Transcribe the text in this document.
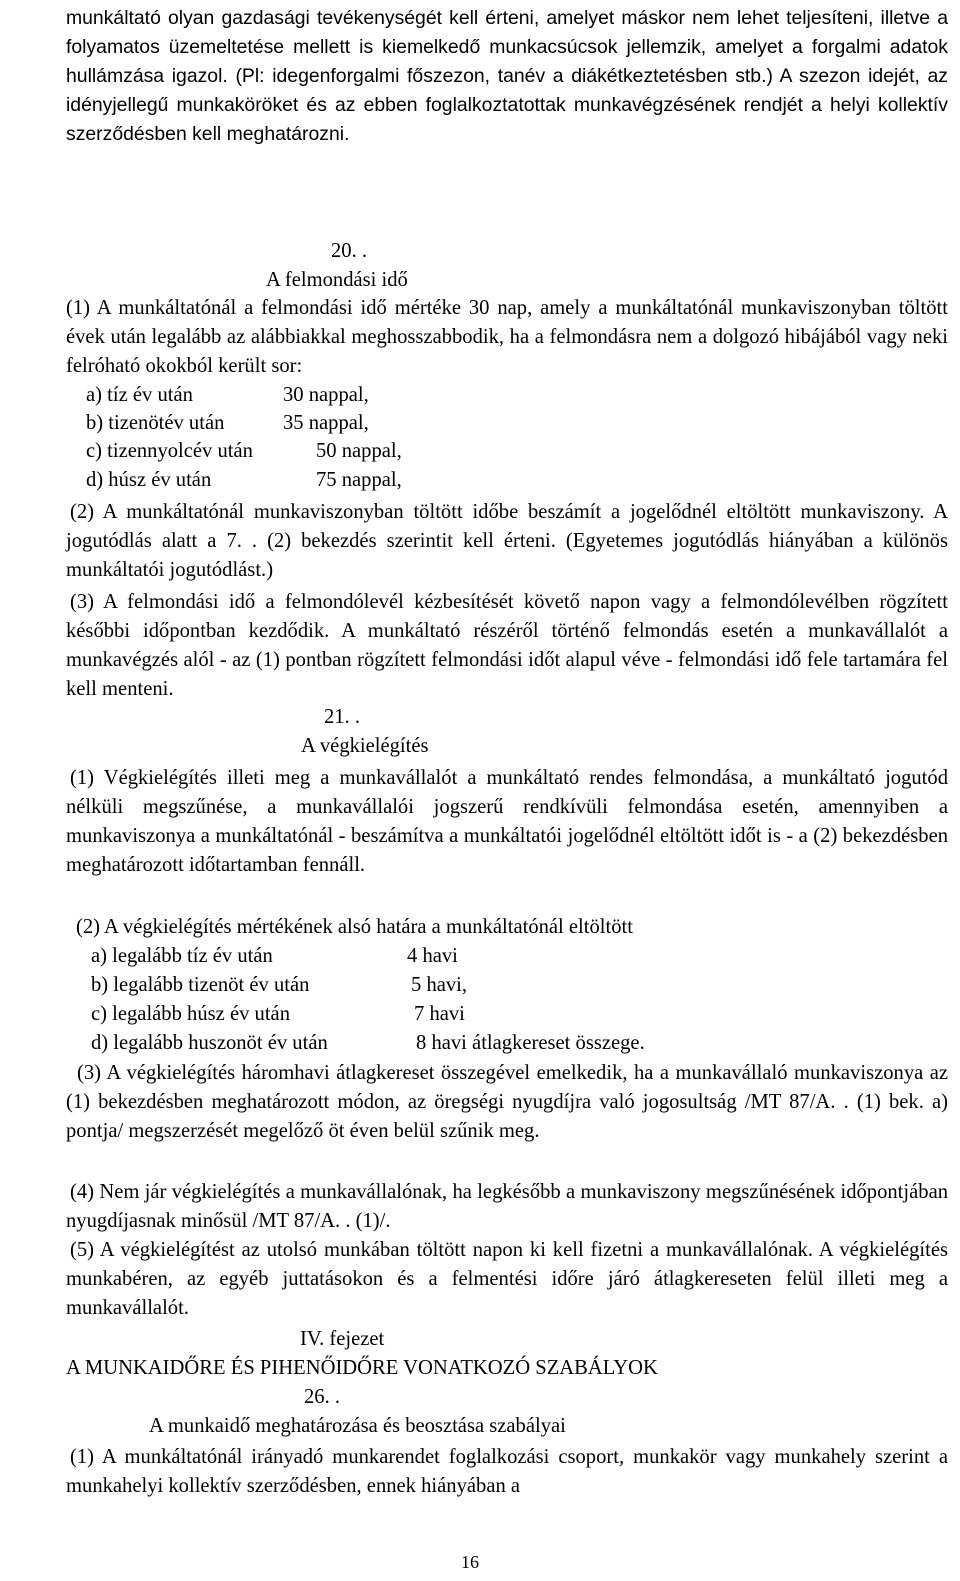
munkáltató olyan gazdasági tevékenységét kell érteni, amelyet máskor nem lehet teljesíteni, illetve a folyamatos üzemeltetése mellett is kiemelkedő munkacsúcsok jellemzik, amelyet a forgalmi adatok hullámzása igazol. (Pl: idegenforgalmi főszezon, tanév a diákétkeztetésben stb.) A szezon idejét, az idényjellegű munkaköröket és az ebben foglalkoztatottak munkavégzésének rendjét a helyi kollektív szerződésben kell meghatározni.
20. .
A felmondási idő
(1) A munkáltatónál a felmondási idő mértéke 30 nap, amely a munkáltatónál munkaviszonyban töltött évek után legalább az alábbiakkal meghosszabbodik, ha a felmondásra nem a dolgozó hibájából vagy neki felróható okokból került sor:
a) tíz év után	30 nappal,
b) tizenötév után	35 nappal,
c) tizennyolcév után	50 nappal,
d) húsz év után	75 nappal,
(2) A munkáltatónál munkaviszonyban töltött időbe beszámít a jogelődnél eltöltött munkaviszony. A jogutódlás alatt a 7. . (2) bekezdés szerintit kell érteni. (Egyetemes jogutódlás hiányában a különös munkáltatói jogutódlást.)
(3) A felmondási idő a felmondólevél kézbesítését követő napon vagy a felmondólevélben rögzített későbbi időpontban kezdődik. A munkáltató részéről történő felmondás esetén a munkavállalót a munkavégzés alól - az (1) pontban rögzített felmondási időt alapul véve - felmondási idő fele tartamára fel kell menteni.
21. .
A végkielégítés
(1) Végkielégítés illeti meg a munkavállalót a munkáltató rendes felmondása, a munkáltató jogutód nélküli megszűnése, a munkavállalói jogszerű rendkívüli felmondása esetén, amennyiben a munkaviszonya a munkáltatónál - beszámítva a munkáltatói jogelődnél eltöltött időt is - a (2) bekezdésben meghatározott időtartamban fennáll.
(2) A végkielégítés mértékének alsó határa a munkáltatónál eltöltött
a) legalább tíz év után	4 havi
b) legalább tizenöt év után	5 havi,
c) legalább húsz év után	7 havi
d) legalább huszonöt év után	8 havi átlagkereset összege.
(3) A végkielégítés háromhavi átlagkereset összegével emelkedik, ha a munkavállaló munkaviszonya az (1) bekezdésben meghatározott módon, az öregségi nyugdíjra való jogosultság /MT 87/A. . (1) bek. a) pontja/ megszerzését megelőző öt éven belül szűnik meg.
(4) Nem jár végkielégítés a munkavállalónak, ha legkésőbb a munkaviszony megszűnésének időpontjában nyugdíjasnak minősül /MT 87/A. . (1)/.
(5) A végkielégítést az utolsó munkában töltött napon ki kell fizetni a munkavállalónak. A végkielégítés munkabéren, az egyéb juttatásokon és a felmentési időre járó átlagkereseten felül illeti meg a munkavállalót.
IV. fejezet
A MUNKAIDŐRE ÉS PIHENŐIDŐRE VONATKOZÓ SZABÁLYOK
26. .
A munkaidő meghatározása és beosztása szabályai
(1) A munkáltatónál irányadó munkarendet foglalkozási csoport, munkakör vagy munkahely szerint a munkahelyi kollektív szerződésben, ennek hiányában a
16
